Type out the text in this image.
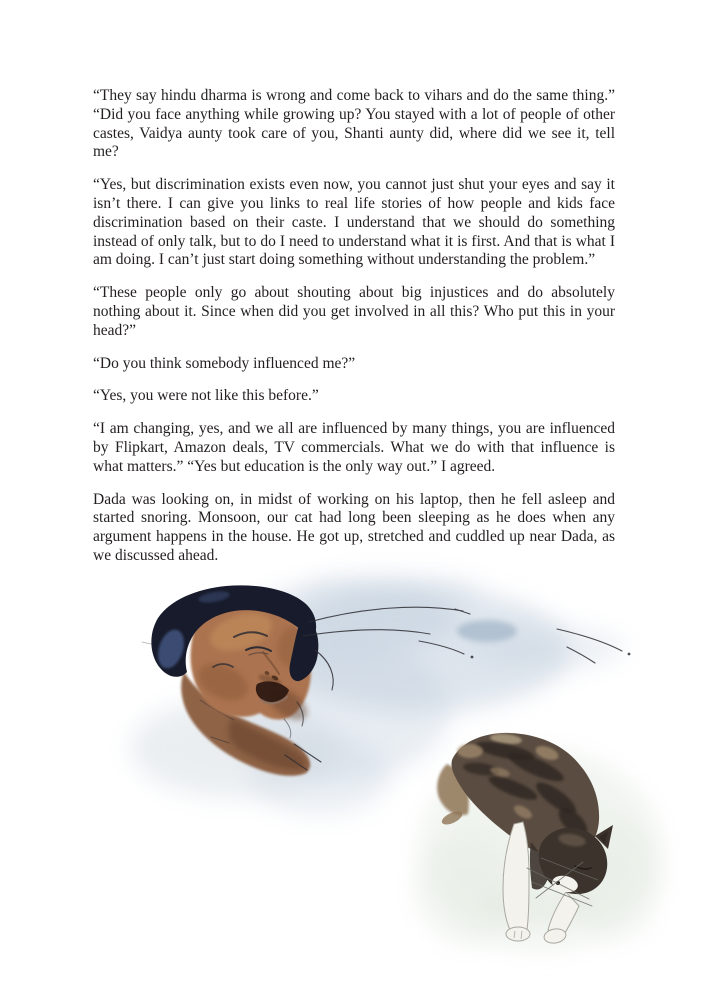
“They say hindu dharma is wrong and come back to vihars and do the same thing.” “Did you face anything while growing up? You stayed with a lot of people of other castes, Vaidya aunty took care of you, Shanti aunty did, where did we see it, tell me?

“Yes, but discrimination exists even now, you cannot just shut your eyes and say it isn’t there. I can give you links to real life stories of how people and kids face discrimination based on their caste. I understand that we should do something instead of only talk, but to do I need to understand what it is first. And that is what I am doing. I can’t just start doing something without understanding the problem.”

“These people only go about shouting about big injustices and do absolutely nothing about it. Since when did you get involved in all this? Who put this in your head?”

“Do you think somebody influenced me?”

“Yes, you were not like this before.”

“I am changing, yes, and we all are influenced by many things, you are influenced by Flipkart, Amazon deals, TV commercials. What we do with that influence is what matters.” “Yes but education is the only way out.” I agreed.

Dada was looking on, in midst of working on his laptop, then he fell asleep and started snoring. Monsoon, our cat had long been sleeping as he does when any argument happens in the house. He got up, stretched and cuddled up near Dada, as we discussed ahead.
